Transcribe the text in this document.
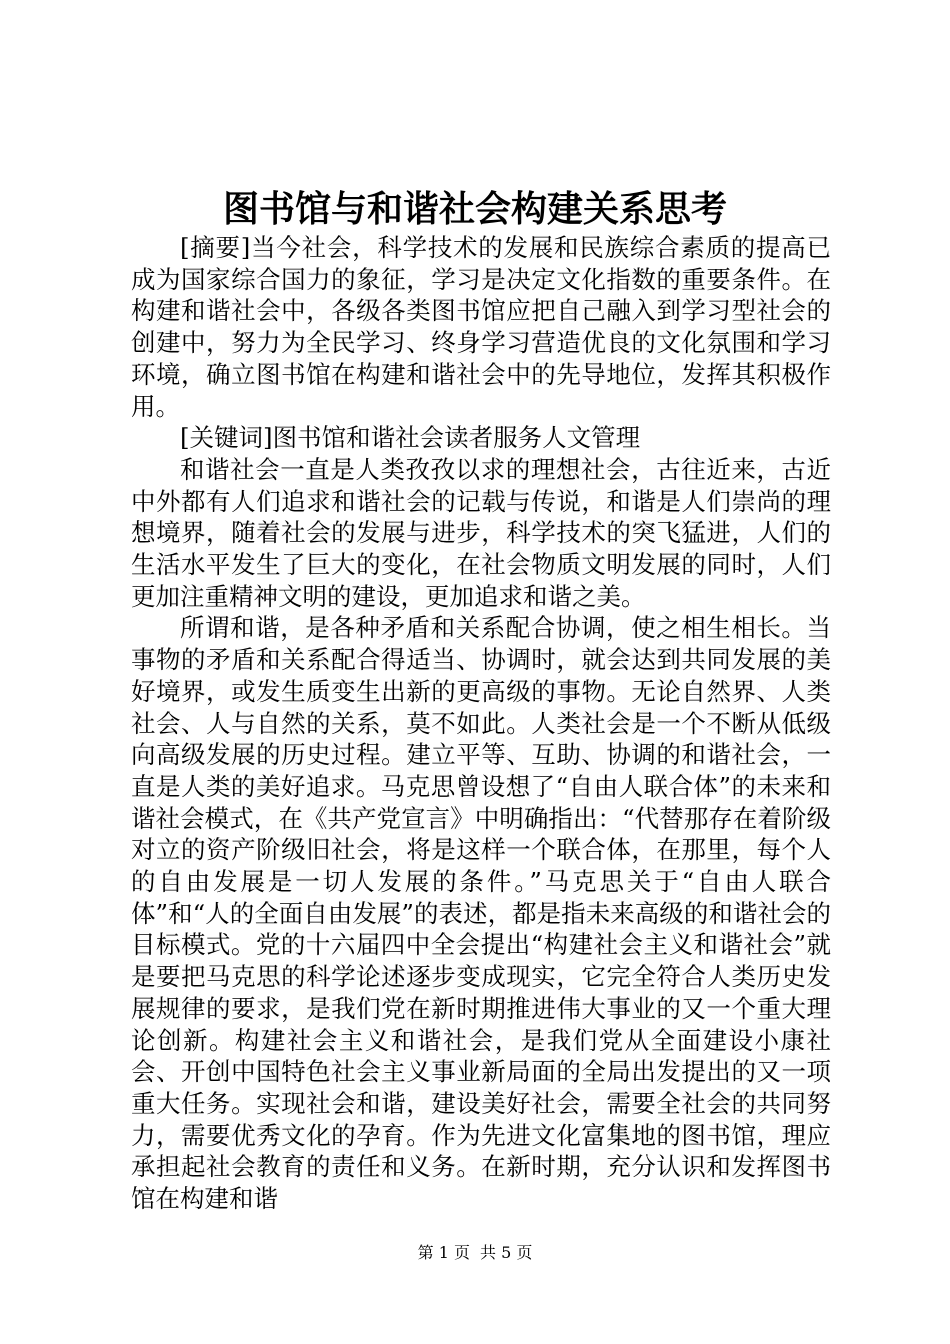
图书馆与和谐社会构建关系思考

[摘要]当今社会，科学技术的发展和民族综合素质的提高已成为国家综合国力的象征，学习是决定文化指数的重要条件。在构建和谐社会中，各级各类图书馆应把自己融入到学习型社会的创建中，努力为全民学习、终身学习营造优良的文化氛围和学习环境，确立图书馆在构建和谐社会中的先导地位，发挥其积极作用。

[关键词]图书馆和谐社会读者服务人文管理

和谐社会一直是人类孜孜以求的理想社会，古往近来，古近中外都有人们追求和谐社会的记载与传说，和谐是人们崇尚的理想境界，随着社会的发展与进步，科学技术的突飞猛进，人们的生活水平发生了巨大的变化，在社会物质文明发展的同时，人们更加注重精神文明的建设，更加追求和谐之美。

所谓和谐，是各种矛盾和关系配合协调，使之相生相长。当事物的矛盾和关系配合得适当、协调时，就会达到共同发展的美好境界，或发生质变生出新的更高级的事物。无论自然界、人类社会、人与自然的关系，莫不如此。人类社会是一个不断从低级向高级发展的历史过程。建立平等、互助、协调的和谐社会，一直是人类的美好追求。马克思曾设想了“自由人联合体”的未来和谐社会模式，在《共产党宣言》中明确指出：“代替那存在着阶级对立的资产阶级旧社会，将是这样一个联合体，在那里，每个人的自由发展是一切人发展的条件。”马克思关于“自由人联合体”和“人的全面自由发展”的表述，都是指未来高级的和谐社会的目标模式。党的十六届四中全会提出“构建社会主义和谐社会”就是要把马克思的科学论述逐步变成现实，它完全符合人类历史发展规律的要求，是我们党在新时期推进伟大事业的又一个重大理论创新。构建社会主义和谐社会，是我们党从全面建设小康社会、开创中国特色社会主义事业新局面的全局出发提出的又一项重大任务。实现社会和谐，建设美好社会，需要全社会的共同努力，需要优秀文化的孕育。作为先进文化富集地的图书馆，理应承担起社会教育的责任和义务。在新时期，充分认识和发挥图书馆在构建和谐

第 1 页 共 5 页
